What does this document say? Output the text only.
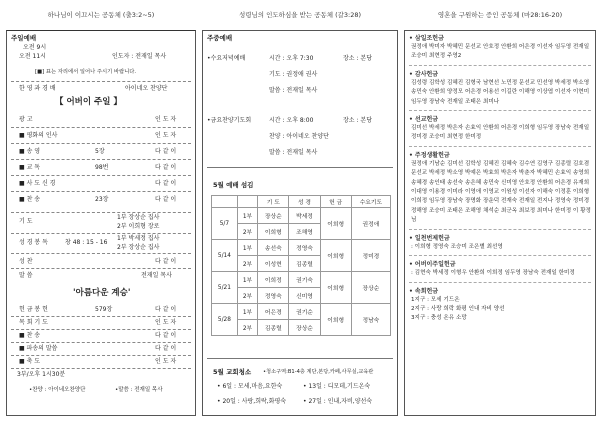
하나님이 이끄시는 공동체 (출3:2~5)
주일예배
오전 9시
오전 11시	인도자 : 전재일 목사
[■] 표는 자리에서 일어나 주시기 바랍니다.
한 영 과 경 배	아이네오 찬양단
【 어버이 주일 】
광 고	인 도 자
■ 평화의 인사	인 도 자
■ 송 영	5장	다 같 이
■ 교 독	98번	다 같 이
■ 사 도 신 경	다 같 이
■ 찬 송	23장	다 같 이
기 도
1부 장상순 집사
2부 이희형 장로
성 경 봉 독	창 48 : 15 - 16
1부 박세정 집사
2부 장상순 집사
성 찬	다 같 이
말 씀	전재일 목사
'아름다운 계승'
헌 금 봉 헌	579장	다 같 이
목 회 기 도	인 도 자
■ 찬 송	다 같 이
■ 파송의 말씀	다 같 이
■ 축 도	인 도 자
3부/오후 1시30분
•찬양 : 아이네오찬양단	•말씀 : 전재일 목사
성령님의 인도하심을 받는 공동체 (갈3:28)
주중예배
•수요저녁예배	시간 : 오후 7:30	장소 : 본당
기도 : 권정애 권사
말씀 : 전재일 목사
•금요찬양기도회	시간 : 오후 8:00	장소 : 본당
찬양 : 아이네오 찬양단
말씀 : 전재일 목사
5월 예배 섬김
		기 도	성 경	헌 금	수요기도
5/7	1부	장상순	박세정	이희형	권정애
	2부	이희형	조해영		
5/14	1부	송선숙	정영숙	이희형	정미경
	2부	이성현	김종렬		
5/21	1부	이희정	권기숙	이희형	장상순
	2부	정영숙	신미영		
5/28	1부	어은경	권기순	이희형	정남숙
	2부	김종렬	장상순		
5월 교회청소 •청소구역:B1-4층 계단,본당,카페,사무실,교육관
• 6일 : 모세,마음,요한숙	• 13일 : 디모데,기드온숙
• 20일 : 사랑,희락,화평숙	• 27일 : 인내,자비,양선숙
영혼을 구원하는 증인 공동체 (마28:16-20)
• 삼일조헌금
권정애 박미자 박혜민 문선교 안호정 안환희 어은경 이선자 임두영 전재일 조승미 최현정 주영2
• 감사헌금
김성령 김학성 김혜진 김형국 남현선 노민정 문선교 민선영 박세정 박소영 송민숙 안환희 양정모 어은경 어용선 이길란 이해영 이상엽 이선자 이현미 임두영 장남숙 전재일 조태은 최미나
• 선교헌금
김미선 박세정 박은자 손효익 안환희 어은경 이희형 임두영 장남숙 전재일 정미경 조승미 최현정 한미정
• 주정생활헌금
권정애 기남순 김미선 김학성 김혜진 김혜숙 김수연 김영구 김종렬 김호겸 문선교 박세정 박소영 박예은 박효희 박은자 박춘자 박혜민 손효익 송영희 송혜경 송인태 송선숙 송은혜 송민숙 신미영 안호정 안환희 어은경 유재희 이대영 이용경 이미라 이영애 이영교 이원성 이선자 이해숙 이정훈 이희형 이희정 임두영 장남숙 장명화 장운덕 전재숙 전재일 전지나 정영숙 정미경 정해영 조승미 조태은 조해영 채석순 최군옥 최보정 최미나 한미정 이 황정님
• 일천번제헌금
: 이희형 정영숙 조승미 조은별 최선영
• 어버이주일헌금
: 김현숙 박세정 이형우 안환희 이희정 임두영 장남숙 전재일 한미정
• 속회헌금
1지구 : 모세 기드온
2지구 : 사랑 희락 화평 인내 자비 양선
3지구 : 충성 온유 소망
